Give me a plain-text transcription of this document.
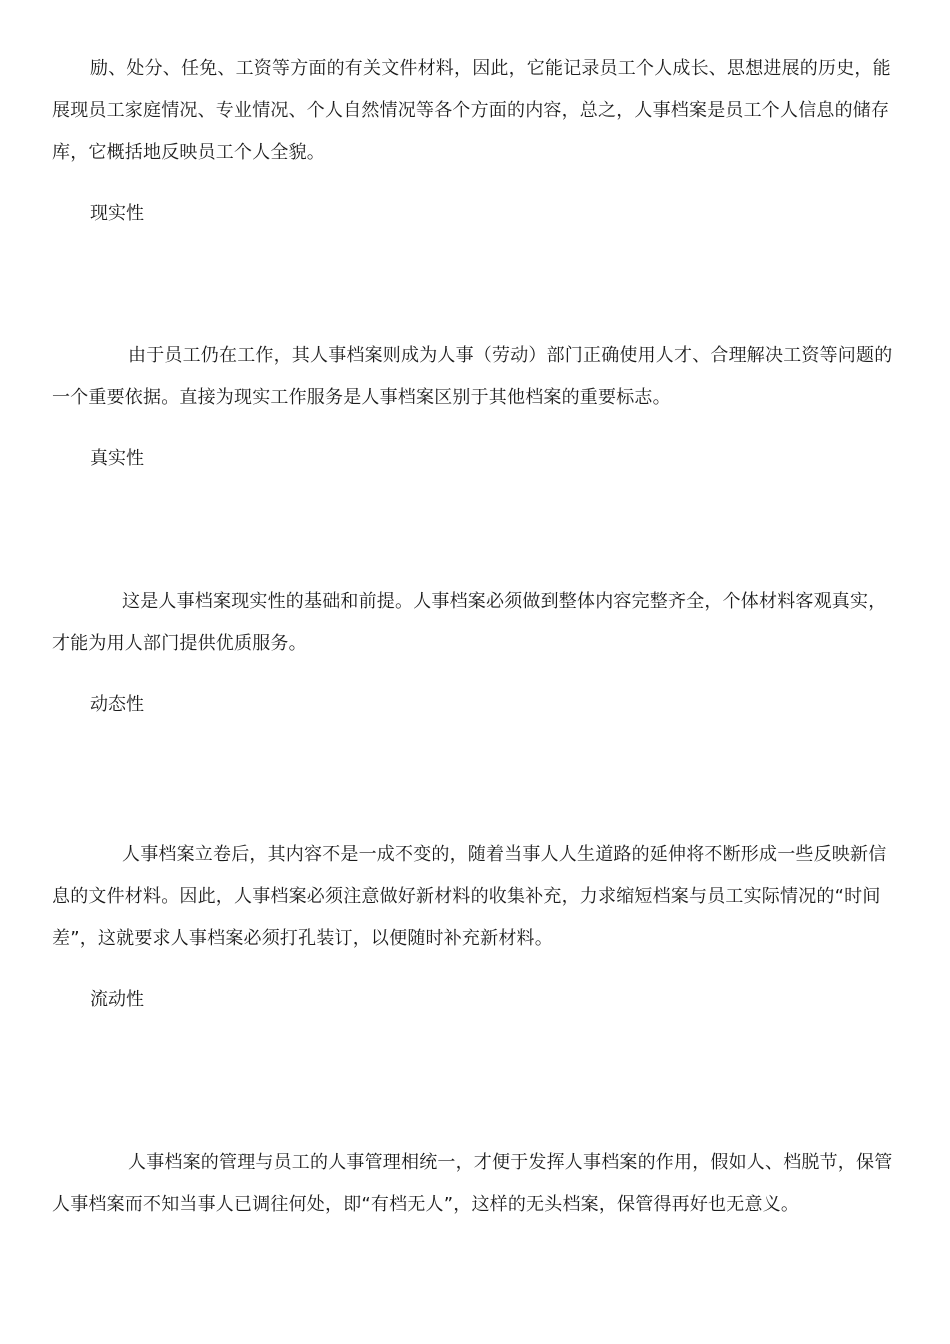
励、处分、任免、工资等方面的有关文件材料，因此，它能记录员工个人成长、思想进展的历史，能展现员工家庭情况、专业情况、个人自然情况等各个方面的内容，总之，人事档案是员工个人信息的储存库，它概括地反映员工个人全貌。

现实性

由于员工仍在工作，其人事档案则成为人事（劳动）部门正确使用人才、合理解决工资等问题的一个重要依据。直接为现实工作服务是人事档案区别于其他档案的重要标志。

真实性

这是人事档案现实性的基础和前提。人事档案必须做到整体内容完整齐全，个体材料客观真实，才能为用人部门提供优质服务。

动态性

人事档案立卷后，其内容不是一成不变的，随着当事人人生道路的延伸将不断形成一些反映新信息的文件材料。因此，人事档案必须注意做好新材料的收集补充，力求缩短档案与员工实际情况的“时间差”，这就要求人事档案必须打孔装订，以便随时补充新材料。

流动性

人事档案的管理与员工的人事管理相统一，才便于发挥人事档案的作用，假如人、档脱节，保管人事档案而不知当事人已调往何处，即“有档无人”，这样的无头档案，保管得再好也无意义。
